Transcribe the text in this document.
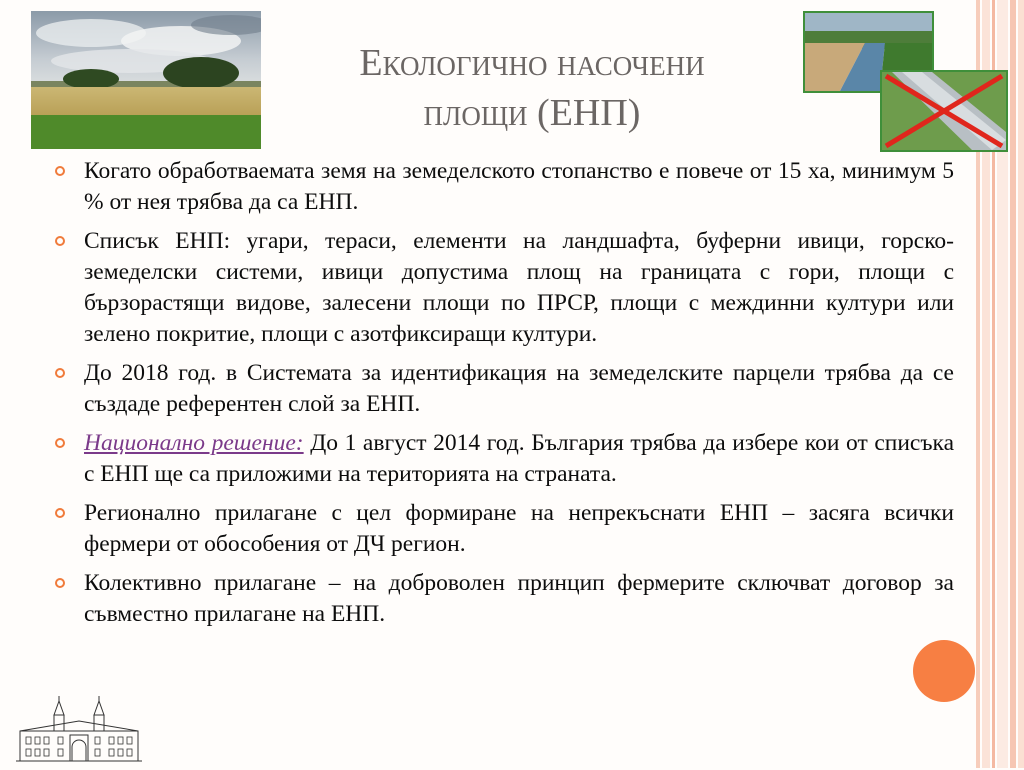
Екологично насочени
площи (ЕНП)
Когато обработваемата земя на земеделското стопанство е повече от 15 ха, минимум 5 % от нея трябва да са ЕНП.
Списък ЕНП: угари, тераси, елементи на ландшафта, буферни ивици, горско-земеделски системи, ивици допустима площ на границата с гори, площи с бързорастящи видове, залесени площи по ПРСР, площи с междинни култури или зелено покритие, площи с азотфиксиращи култури.
До 2018 год. в Системата за идентификация на земеделските парцели трябва да се създаде референтен слой за ЕНП.
Национално решение: До 1 август 2014 год. България трябва да избере кои от списъка с ЕНП ще са приложими на територията на страната.
Регионално прилагане с цел формиране на непрекъснати ЕНП – засяга всички фермери от обособения от ДЧ регион.
Колективно прилагане – на доброволен принцип фермерите сключват договор за съвместно прилагане на ЕНП.
